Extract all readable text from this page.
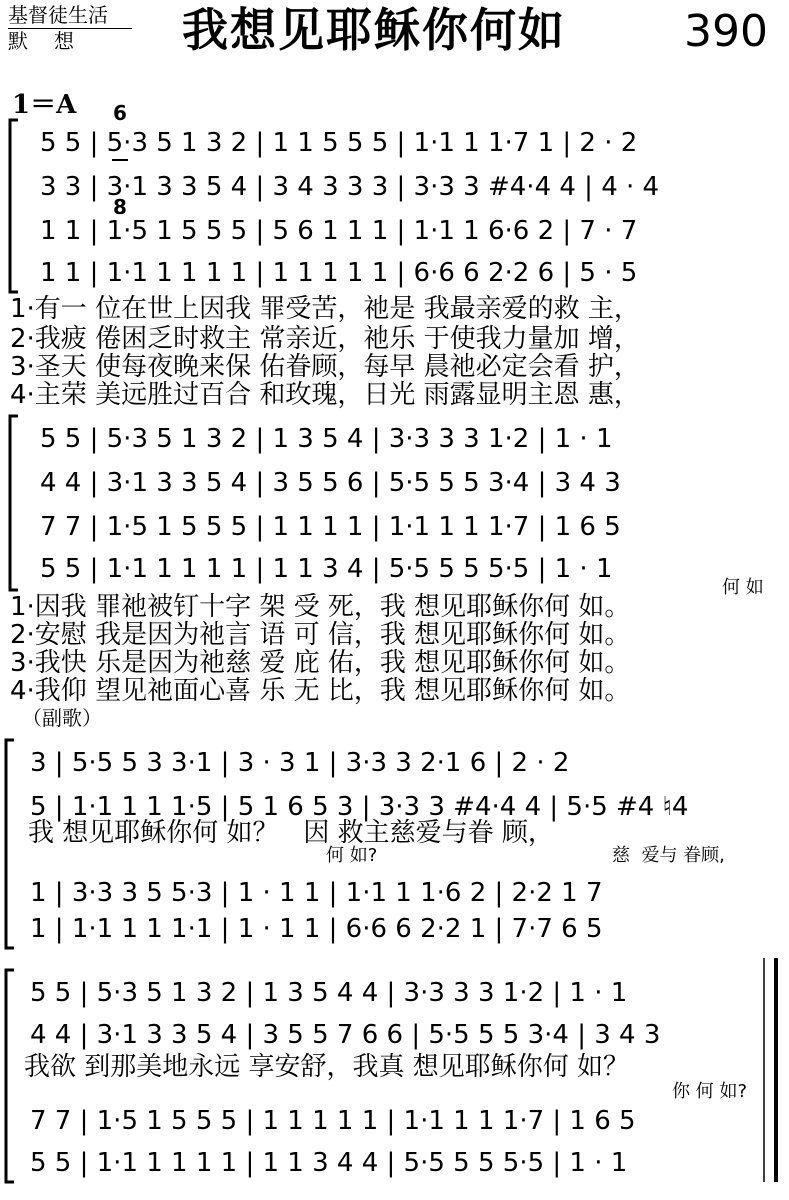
基督徒生活
默想 我想见耶稣你何如	390
1＝A

6

8

5 5 | 5·3 5 1 3 2 | 1 1 5 5 5 | 1·1 1 1·7 1 | 2 · 2
3 3 | 3·1 3 3 5 4 | 3 4 3 3 3 | 3·3 3 #4·4 4 | 4 · 4
1 1 | 1·5 1 5 5 5 | 5 6 1 1 1 | 1·1 1 6·6 2 | 7 · 7
1 1 | 1·1 1 1 1 1 | 1 1 1 1 1 | 6·6 6 2·2 6 | 5 · 5
1·有一 位在世上因我 罪受苦，祂是 我最亲爱的救 主，
2·我疲 倦困乏时救主 常亲近，祂乐 于使我力量加 增，
3·圣天 使每夜晚来保 佑眷顾，每早 晨祂必定会看 护，
4·主荣 美远胜过百合 和玫瑰，日光 雨露显明主恩 惠，
5 5 | 5·3 5 1 3 2 | 1 3 5 4 | 3·3 3 3 1·2 | 1 · 1
4 4 | 3·1 3 3 5 4 | 3 5 5 6 | 5·5 5 5 3·4 | 3 4 3
7 7 | 1·5 1 5 5 5 | 1 1 1 1 | 1·1 1 1 1·7 | 1 6 5
5 5 | 1·1 1 1 1 1 | 1 1 3 4 | 5·5 5 5 5·5 | 1 · 1
何 如
1·因我 罪祂被钉十字 架 受 死，我 想见耶稣你何 如。
2·安慰 我是因为祂言 语 可 信，我 想见耶稣你何 如。
3·我快 乐是因为祂慈 爱 庇 佑，我 想见耶稣你何 如。
4·我仰 望见祂面心喜 乐 无 比，我 想见耶稣你何 如。
（副歌）
3 | 5·5 5 3 3·1 | 3 · 3 1 | 3·3 3 2·1 6 | 2 · 2
5 | 1·1 1 1 1·5 | 5 1 6 5 3 | 3·3 3 #4·4 4 | 5·5 #4 ♮4
我 想见耶稣你何 如？   因 救主慈爱与眷 顾，
何 如?	慈  爱与 眷顾,
1 | 3·3 3 5 5·3 | 1 · 1 1 | 1·1 1 1·6 2 | 2·2 1 7
1 | 1·1 1 1 1·1 | 1 · 1 1 | 6·6 6 2·2 1 | 7·7 6 5
5 5 | 5·3 5 1 3 2 | 1 3 5 4 4 | 3·3 3 3 1·2 | 1 · 1
4 4 | 3·1 3 3 5 4 | 3 5 5 7 6 6 | 5·5 5 5 3·4 | 3 4 3
我欲 到那美地永远 享安舒，我真 想见耶稣你何 如？
你 何 如?
7 7 | 1·5 1 5 5 5 | 1 1 1 1 1 | 1·1 1 1 1·7 | 1 6 5
5 5 | 1·1 1 1 1 1 | 1 1 3 4 4 | 5·5 5 5 5·5 | 1 · 1
